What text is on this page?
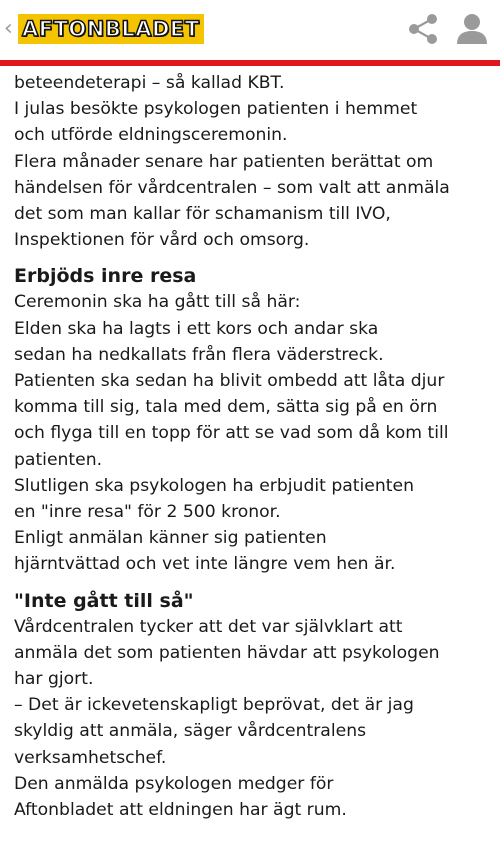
‹ AFTONBLADET

beteendeterapi – så kallad KBT.

I julas besökte psykologen patienten i hemmet
och utförde eldningsceremonin.

Flera månader senare har patienten berättat om
händelsen för vårdcentralen – som valt att anmäla
det som man kallar för schamanism till IVO,
Inspektionen för vård och omsorg.

Erbjöds inre resa

Ceremonin ska ha gått till så här:

Elden ska ha lagts i ett kors och andar ska
sedan ha nedkallats från flera väderstreck.
Patienten ska sedan ha blivit ombedd att låta djur
komma till sig, tala med dem, sätta sig på en örn
och flyga till en topp för att se vad som då kom till
patienten.

Slutligen ska psykologen ha erbjudit patienten
en "inre resa" för 2 500 kronor.

Enligt anmälan känner sig patienten
hjärntvättad och vet inte längre vem hen är.

"Inte gått till så"

Vårdcentralen tycker att det var självklart att
anmäla det som patienten hävdar att psykologen
har gjort.

– Det är ickevetenskapligt beprövat, det är jag
skyldig att anmäla, säger vårdcentralens
verksamhetschef.

Den anmälda psykologen medger för
Aftonbladet att eldningen har ägt rum.
